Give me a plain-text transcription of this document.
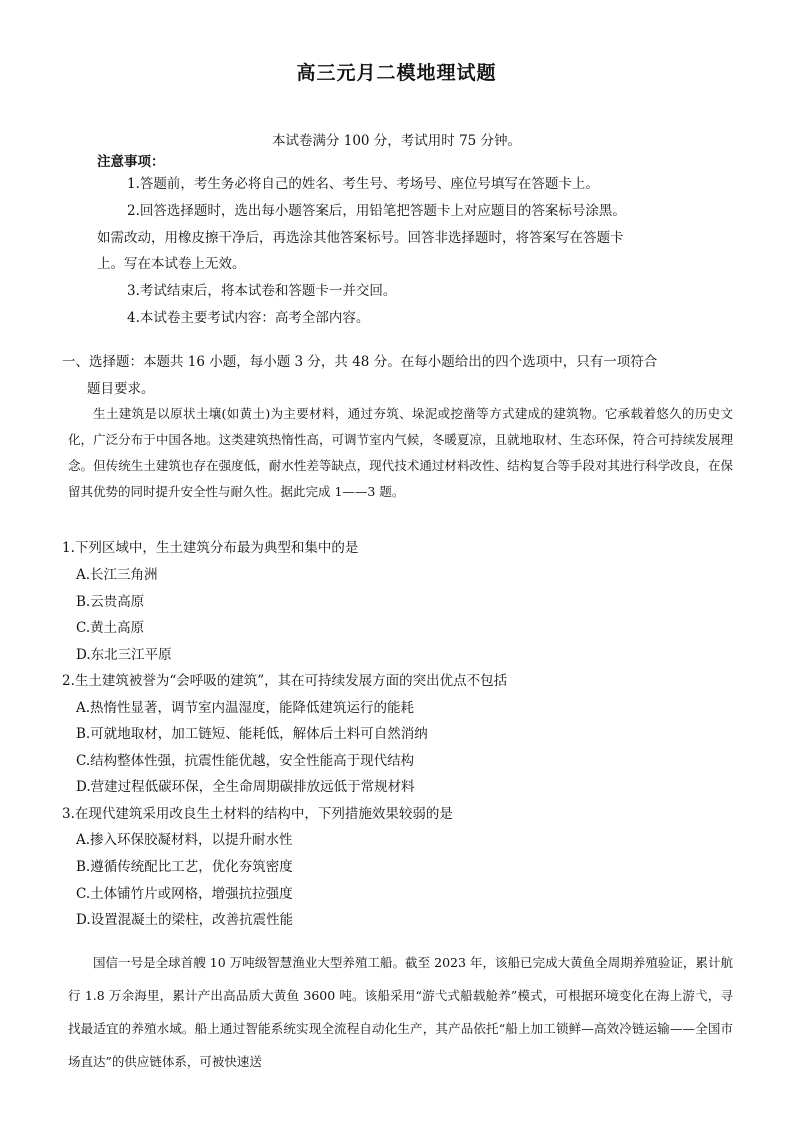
高三元月二模地理试题
本试卷满分 100 分，考试用时 75 分钟。
注意事项：
1.答题前，考生务必将自己的姓名、考生号、考场号、座位号填写在答题卡上。
2.回答选择题时，选出每小题答案后，用铅笔把答题卡上对应题目的答案标号涂黑。
如需改动，用橡皮擦干净后，再选涂其他答案标号。回答非选择题时，将答案写在答题卡
上。写在本试卷上无效。
3.考试结束后，将本试卷和答题卡一并交回。
4.本试卷主要考试内容：高考全部内容。
一、选择题：本题共 16 小题，每小题 3 分，共 48 分。在每小题给出的四个选项中，只有一项符合
题目要求。
生土建筑是以原状土壤(如黄土)为主要材料，通过夯筑、垛泥或挖凿等方式建成的建筑物。它承载着悠久的历史文化，广泛分布于中国各地。这类建筑热惰性高，可调节室内气候，冬暖夏凉，且就地取材、生态环保，符合可持续发展理念。但传统生土建筑也存在强度低，耐水性差等缺点，现代技术通过材料改性、结构复合等手段对其进行科学改良，在保留其优势的同时提升安全性与耐久性。据此完成 1——3 题。
1.下列区域中，生土建筑分布最为典型和集中的是
A.长江三角洲
B.云贵高原
C.黄土高原
D.东北三江平原
2.生土建筑被誉为“会呼吸的建筑”，其在可持续发展方面的突出优点不包括
A.热惰性显著，调节室内温湿度，能降低建筑运行的能耗
B.可就地取材，加工链短、能耗低，解体后土料可自然消纳
C.结构整体性强，抗震性能优越，安全性能高于现代结构
D.营建过程低碳环保，全生命周期碳排放远低于常规材料
3.在现代建筑采用改良生土材料的结构中，下列措施效果较弱的是
A.掺入环保胶凝材料，以提升耐水性
B.遵循传统配比工艺，优化夯筑密度
C.土体铺竹片或网格，增强抗拉强度
D.设置混凝土的梁柱，改善抗震性能
国信一号是全球首艘 10 万吨级智慧渔业大型养殖工船。截至 2023 年，该船已完成大黄鱼全周期养殖验证，累计航行 1.8 万余海里，累计产出高品质大黄鱼 3600 吨。该船采用“游弋式船载舱养”模式，可根据环境变化在海上游弋，寻找最适宜的养殖水域。船上通过智能系统实现全流程自动化生产，其产品依托“船上加工锁鲜—高效冷链运输——全国市场直达”的供应链体系，可被快速送
